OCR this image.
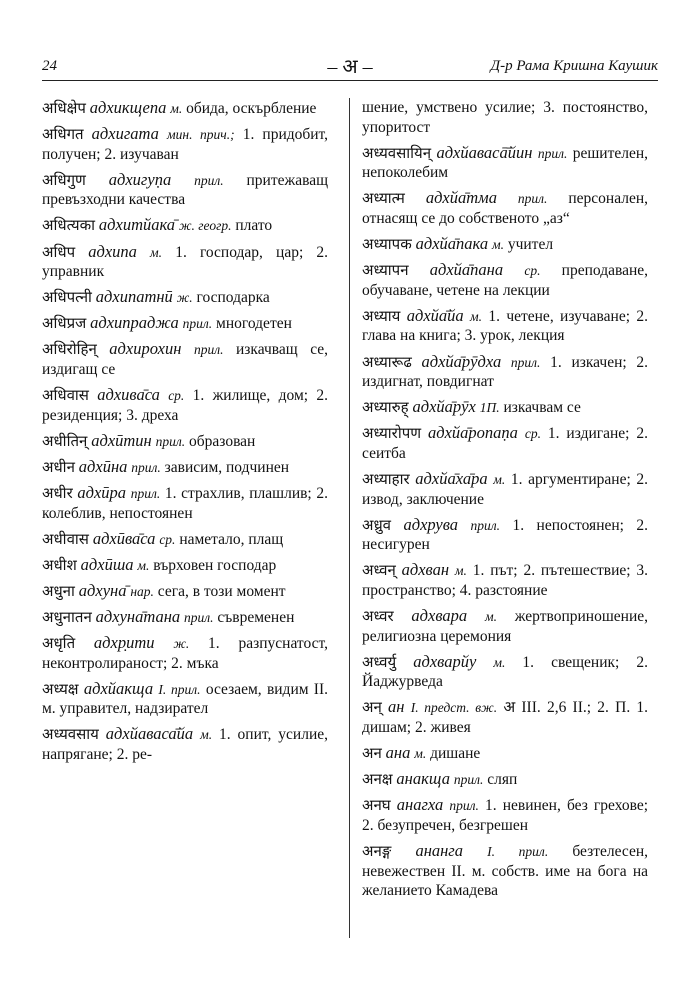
24	– अ –	Д-р Рама Кришна Каушик
अधिक्षेप адхикщепа м. обида, оскърбление
अधिगत адхигата мин. прич.; 1. придобит, получен; 2. изучаван
अधिगुण адхигуṇа прил. притежаващ превъзходни качества
अधित्यका адхитйака̄ ж. геогр. плато
अधिप адхипа м. 1. господар, цар; 2. управник
अधिपत्नी адхипатнӣ ж. господарка
अधिप्रज адхипраджа прил. многодетен
अधिरोहिन् адхирохин прил. изкачващ се, издигащ се
अधिवास адхива̄са ср. 1. жилище, дом; 2. резиденция; 3. дреха
अधीतिन् адхӣтин прил. образован
अधीन адхӣна прил. зависим, подчинен
अधीर адхӣра прил. 1. страхлив, плашлив; 2. колеблив, непостоянен
अधीवास адхӣва̄са ср. наметало, плащ
अधीश адхӣша м. върховен господар
अधुना адхуна̄ нар. сега, в този момент
अधुनातन адхуна̄тана прил. съвременен
अधृति адхр̣ити ж. 1. разпуснатост, неконтролираност; 2. мъка
अध्यक्ष адхйакща I. прил. осезаем, видим II. м. управител, надзирател
अध्यवसाय адхйаваса̄йа м. 1. опит, усилие, напрягане; 2. ре-
шение, умствено усилие; 3. постоянство, упоритост
अध्यवसायिन् адхйавасā̄йин прил. решителен, непоколебим
अध्यात्म адхйа̄тма прил. персонален, отнасящ се до собственото „аз“
अध्यापक адхйа̄пака м. учител
अध्यापन адхйа̄пана ср. преподаване, обучаване, четене на лекции
अध्याय адхйа̄йа м. 1. четене, изучаване; 2. глава на книга; 3. урок, лекция
अध्यारूढ адхйа̄рӯдха прил. 1. изкачен; 2. издигнат, повдигнат
अध्यारुह् адхйа̄рӯх 1П. изкачвам се
अध्यारोपण адхйа̄ропаṇа ср. 1. издигане; 2. сеитба
अध्याहार адхйа̄ха̄ра м. 1. аргументиране; 2. извод, заключение
अध्रुव адхрува прил. 1. непостоянен; 2. несигурен
अध्वन् адхван м. 1. път; 2. пътешествие; 3. пространство; 4. разстояние
अध्वर адхвара м. жертвоприношение, религиозна церемония
अध्वर्यु адхварйу м. 1. свещеник; 2. Йаджурведа
अन् ан I. предст. вж. अ III. 2,6 II.; 2. П. 1. дишам; 2. живея
अन ана м. дишане
अनक्ष анакща прил. сляп
अनघ анагха прил. 1. невинен, без грехове; 2. безупречен, безгрешен
अनङ्ग ананга I. прил. безтелесен, невежествен II. м. собств. име на бога на желанието Камадева
